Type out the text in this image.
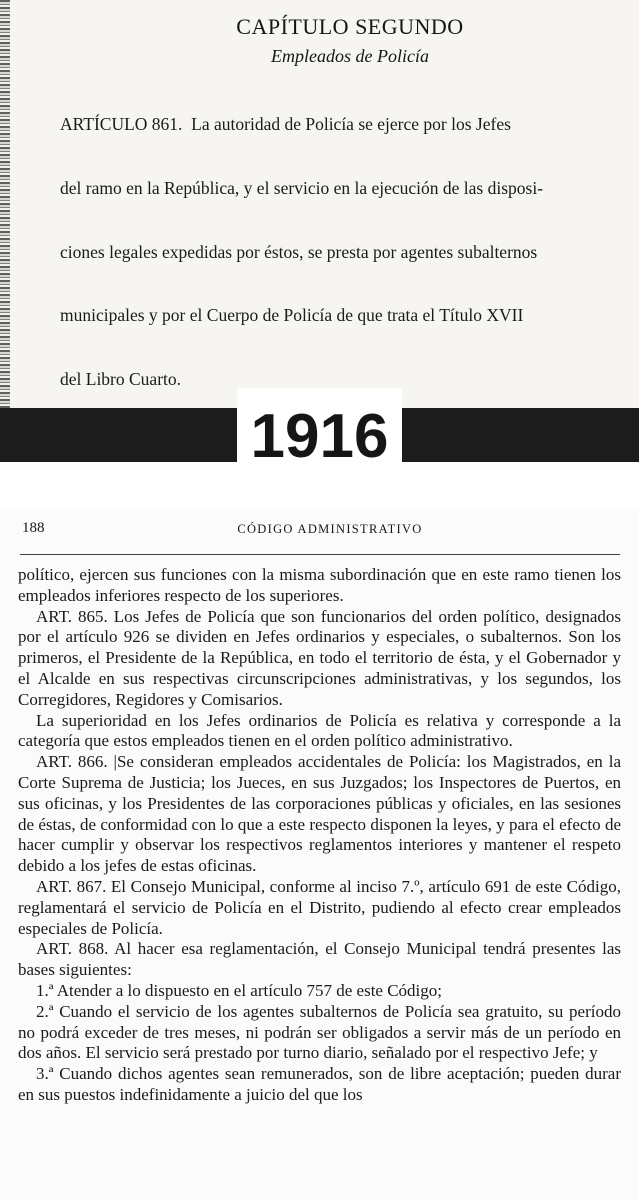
CAPÍTULO SEGUNDO
Empleados de Policía

ARTÍCULO 861.  La autoridad de Policía se ejerce por los Jefes

del ramo en la República, y el servicio en la ejecución de las disposi-

ciones legales expedidas por éstos, se presta por agentes subalternos

municipales y por el Cuerpo de Policía de que trata el Título XVII

del Libro Cuarto.

1916
188	CÓDIGO ADMINISTRATIVO

político, ejercen sus funciones con la misma subordinación que en este ramo tienen los empleados inferiores respecto de los superiores.

ART. 865. Los Jefes de Policía que son funcionarios del orden político, designados por el artículo 926 se dividen en Jefes ordinarios y especiales, o subalternos. Son los primeros, el Presidente de la República, en todo el territorio de ésta, y el Gobernador y el Alcalde en sus respectivas circunscripciones administrativas, y los segundos, los Corregidores, Regidores y Comisarios.

La superioridad en los Jefes ordinarios de Policía es relativa y corresponde a la categoría que estos empleados tienen en el orden político administrativo.

ART. 866. |Se consideran empleados accidentales de Policía: los Magistrados, en la Corte Suprema de Justicia; los Jueces, en sus Juzgados; los Inspectores de Puertos, en sus oficinas, y los Presidentes de las corporaciones públicas y oficiales, en las sesiones de éstas, de conformidad con lo que a este respecto disponen la leyes, y para el efecto de hacer cumplir y observar los respectivos reglamentos interiores y mantener el respeto debido a los jefes de estas oficinas.

ART. 867. El Consejo Municipal, conforme al inciso 7.º, artículo 691 de este Código, reglamentará el servicio de Policía en el Distrito, pudiendo al efecto crear empleados especiales de Policía.

ART. 868. Al hacer esa reglamentación, el Consejo Municipal tendrá presentes las bases siguientes:

1.ª Atender a lo dispuesto en el artículo 757 de este Código;

2.ª Cuando el servicio de los agentes subalternos de Policía sea gratuito, su período no podrá exceder de tres meses, ni podrán ser obligados a servir más de un período en dos años. El servicio será prestado por turno diario, señalado por el respectivo Jefe; y

3.ª Cuando dichos agentes sean remunerados, son de libre aceptación; pueden durar en sus puestos indefinidamente a juicio del que los
